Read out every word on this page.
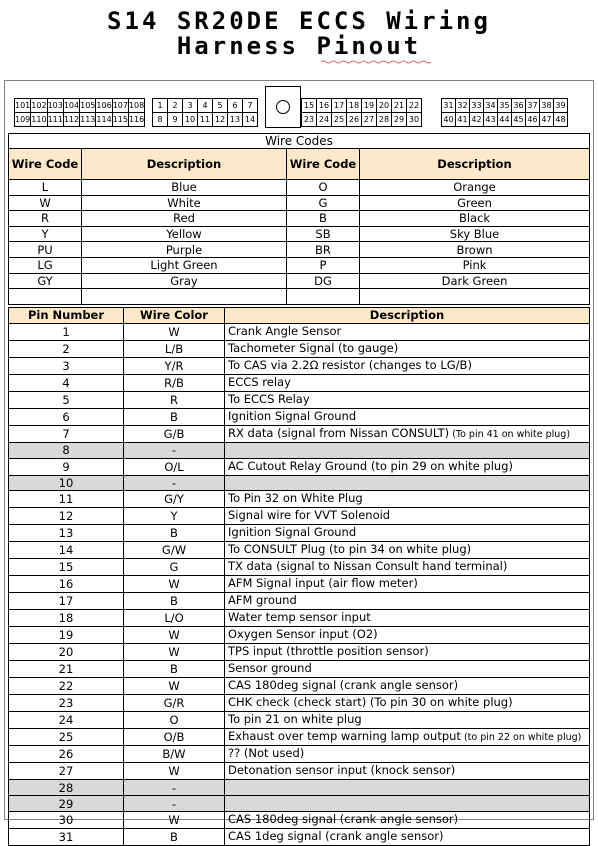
S14 SR20DE ECCS Wiring
Harness Pinout
101	102	103	104	105	106	107	108
109	110	111	112	113	114	115	116
1	2	3	4	5	6	7
8	9	10	11	12	13	14
15	16	17	18	19	20	21	22
23	24	25	26	27	28	29	30
31	32	33	34	35	36	37	38	39
40	41	42	43	44	45	46	47	48
Wire Codes			
Wire Code	Description	Wire Code	Description
L	Blue	O	Orange
W	White	G	Green
R	Red	B	Black
Y	Yellow	SB	Sky Blue
PU	Purple	BR	Brown
LG	Light Green	P	Pink
GY	Gray	DG	Dark Green

Pin Number	Wire Color	Description
1	W	Crank Angle Sensor
2	L/B	Tachometer Signal (to gauge)
3	Y/R	To CAS via 2.2Ω resistor (changes to LG/B)
4	R/B	ECCS relay
5	R	To ECCS Relay
6	B	Ignition Signal Ground
7	G/B	RX data (signal from Nissan CONSULT) (To pin 41 on white plug)
8	-	
9	O/L	AC Cutout Relay Ground (to pin 29 on white plug)
10	-	
11	G/Y	To Pin 32 on White Plug
12	Y	Signal wire for VVT Solenoid
13	B	Ignition Signal Ground
14	G/W	To CONSULT Plug (to pin 34 on white plug)
15	G	TX data (signal to Nissan Consult hand terminal)
16	W	AFM Signal input (air flow meter)
17	B	AFM ground
18	L/O	Water temp sensor input
19	W	Oxygen Sensor input (O2)
20	W	TPS input (throttle position sensor)
21	B	Sensor ground
22	W	CAS 180deg signal (crank angle sensor)
23	G/R	CHK check (check start) (To pin 30 on white plug)
24	O	To pin 21 on white plug
25	O/B	Exhaust over temp warning lamp output (to pin 22 on white plug)
26	B/W	?? (Not used)
27	W	Detonation sensor input (knock sensor)
28	-	
29	-	
30	W	CAS 180deg signal (crank angle sensor)
31	B	CAS 1deg signal (crank angle sensor)
